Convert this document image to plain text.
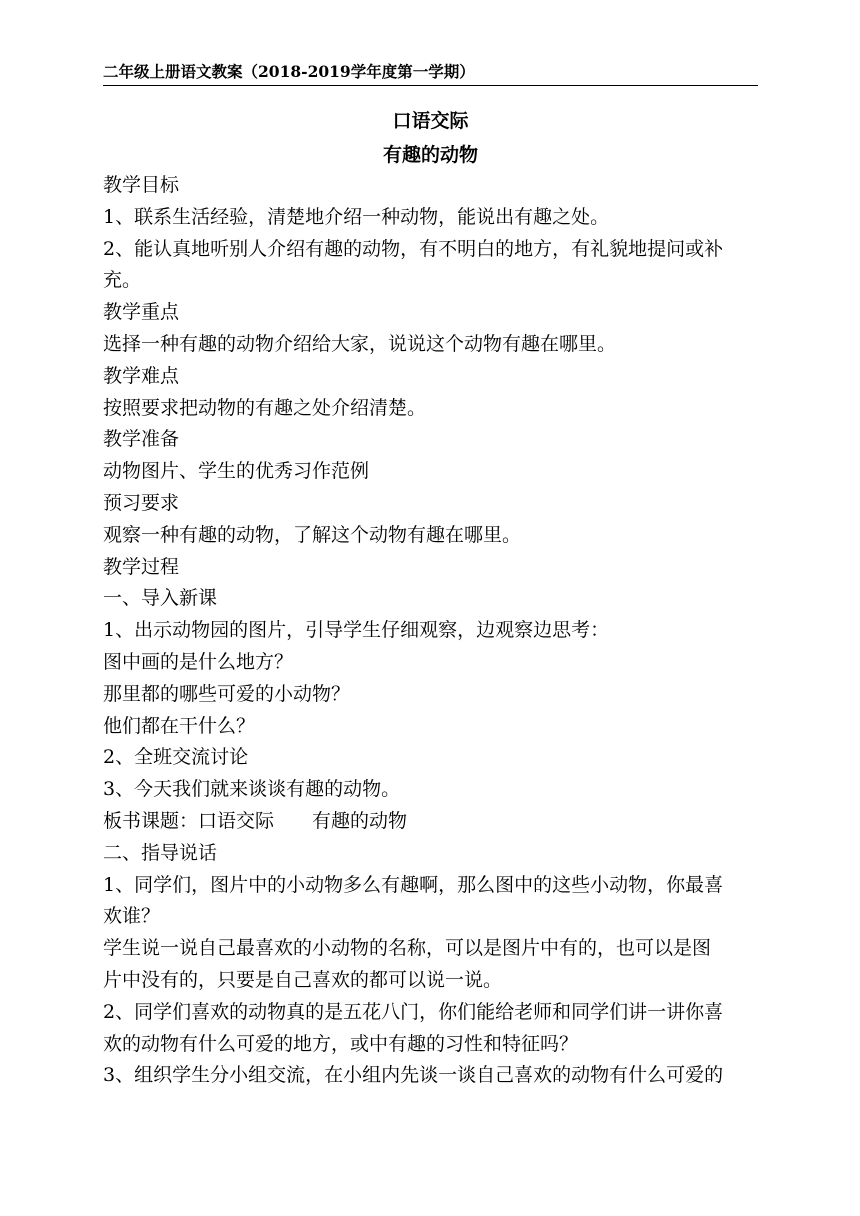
二年级上册语文教案（2018-2019学年度第一学期）
口语交际
有趣的动物

教学目标

1、联系生活经验，清楚地介绍一种动物，能说出有趣之处。

2、能认真地听别人介绍有趣的动物，有不明白的地方，有礼貌地提问或补

充。

教学重点

选择一种有趣的动物介绍给大家，说说这个动物有趣在哪里。

教学难点

按照要求把动物的有趣之处介绍清楚。

教学准备

动物图片、学生的优秀习作范例

预习要求

观察一种有趣的动物，了解这个动物有趣在哪里。

教学过程

一、导入新课

1、出示动物园的图片，引导学生仔细观察，边观察边思考：

图中画的是什么地方？

那里都的哪些可爱的小动物？

他们都在干什么？

2、全班交流讨论

3、今天我们就来谈谈有趣的动物。

板书课题：口语交际　　有趣的动物

二、指导说话

1、同学们，图片中的小动物多么有趣啊，那么图中的这些小动物，你最喜

欢谁？

学生说一说自己最喜欢的小动物的名称，可以是图片中有的，也可以是图

片中没有的，只要是自己喜欢的都可以说一说。

2、同学们喜欢的动物真的是五花八门，你们能给老师和同学们讲一讲你喜

欢的动物有什么可爱的地方，或中有趣的习性和特征吗？

3、组织学生分小组交流，在小组内先谈一谈自己喜欢的动物有什么可爱的
